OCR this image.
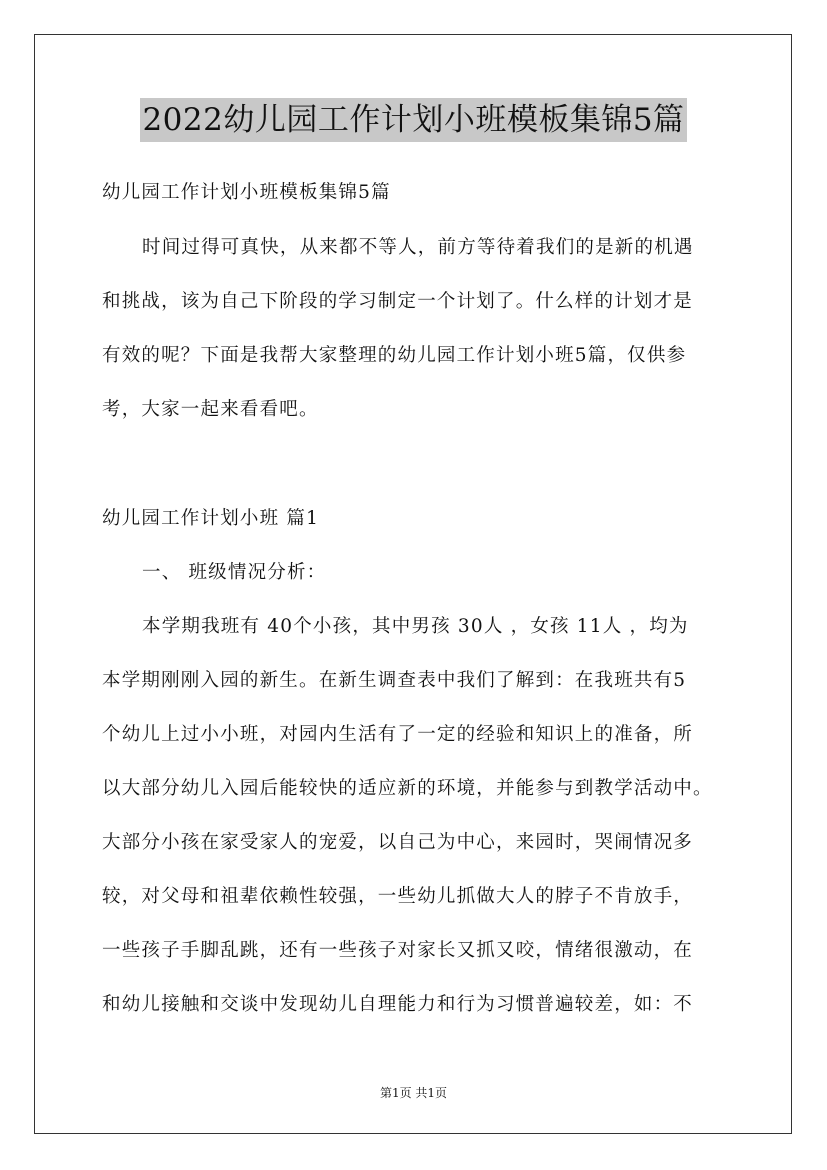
2022幼儿园工作计划小班模板集锦5篇
幼儿园工作计划小班模板集锦5篇
时间过得可真快，从来都不等人，前方等待着我们的是新的机遇
和挑战，该为自己下阶段的学习制定一个计划了。什么样的计划才是
有效的呢？下面是我帮大家整理的幼儿园工作计划小班5篇，仅供参
考，大家一起来看看吧。
幼儿园工作计划小班 篇1
一、 班级情况分析：
本学期我班有 40个小孩，其中男孩 30人 ，女孩 11人 ，均为
本学期刚刚入园的新生。在新生调查表中我们了解到：在我班共有5
个幼儿上过小小班，对园内生活有了一定的经验和知识上的准备，所
以大部分幼儿入园后能较快的适应新的环境，并能参与到教学活动中。
大部分小孩在家受家人的宠爱，以自己为中心，来园时，哭闹情况多
较，对父母和祖辈依赖性较强，一些幼儿抓做大人的脖子不肯放手，
一些孩子手脚乱跳，还有一些孩子对家长又抓又咬，情绪很激动，在
和幼儿接触和交谈中发现幼儿自理能力和行为习惯普遍较差，如：不
第1页 共1页
